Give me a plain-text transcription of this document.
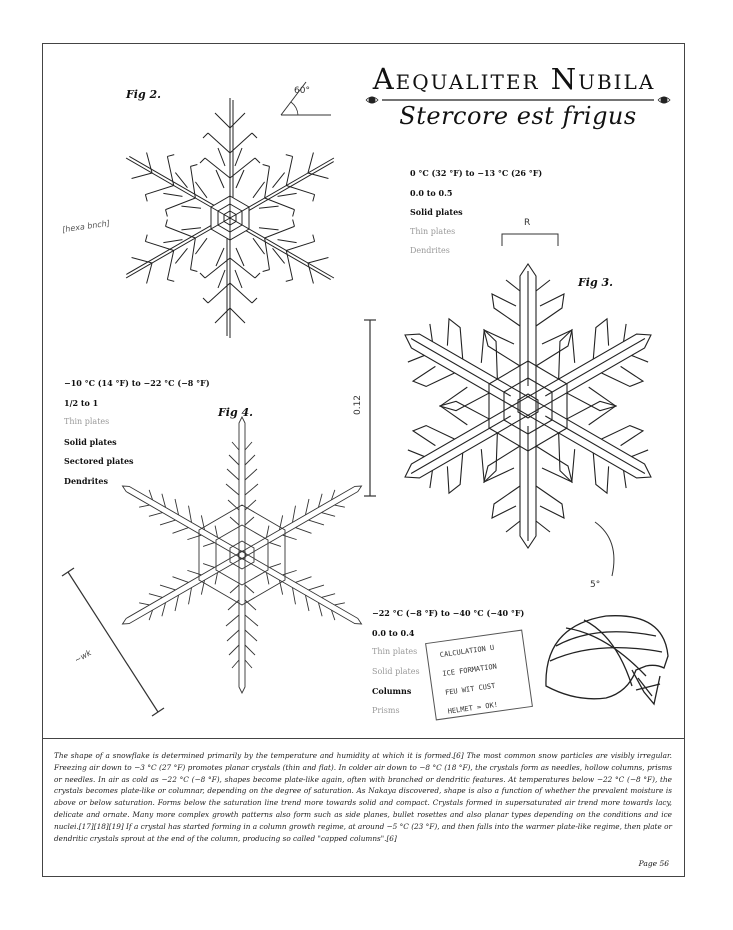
Aequaliter Nubila
Stercore est frigus
Fig 2.	60°
[hexa bnch]
0 °C (32 °F) to −13 °C (26 °F)
0.0 to 0.5
Solid plates
Thin plates
Dendrites
Fig 3.
R
0.12
5°
−10 °C (14 °F) to −22 °C (−8 °F)
1/2 to 1
Thin plates
Solid plates
Sectored plates
Dendrites
Fig 4.
~wk
−22 °C (−8 °F) to −40 °C (−40 °F)
0.0 to 0.4
Thin plates
Solid plates
Columns
Prisms
CALCULATION U
ICE FORMATION
FEU WIT CUST
HELMET = OK!
The shape of a snowflake is determined primarily by the temperature and humidity at which it is formed.[6] The most common snow particles are visibly irregular. Freezing air down to −3 °C (27 °F) promotes planar crystals (thin and flat). In colder air down to −8 °C (18 °F), the crystals form as needles, hollow columns, prisms or needles. In air as cold as −22 °C (−8 °F), shapes become plate-like again, often with branched or dendritic features. At temperatures below −22 °C (−8 °F), the crystals becomes plate-like or columnar, depending on the degree of saturation. As Nakaya discovered, shape is also a function of whether the prevalent moisture is above or below saturation. Forms below the saturation line trend more towards solid and compact. Crystals formed in supersaturated air trend more towards lacy, delicate and ornate. Many more complex growth patterns also form such as side planes, bullet rosettes and also planar types depending on the conditions and ice nuclei.[17][18][19] If a crystal has started forming in a column growth regime, at around −5 °C (23 °F), and then falls into the warmer plate-like regime, then plate or dendritic crystals sprout at the end of the column, producing so called "capped columns".[6]
Page 56
